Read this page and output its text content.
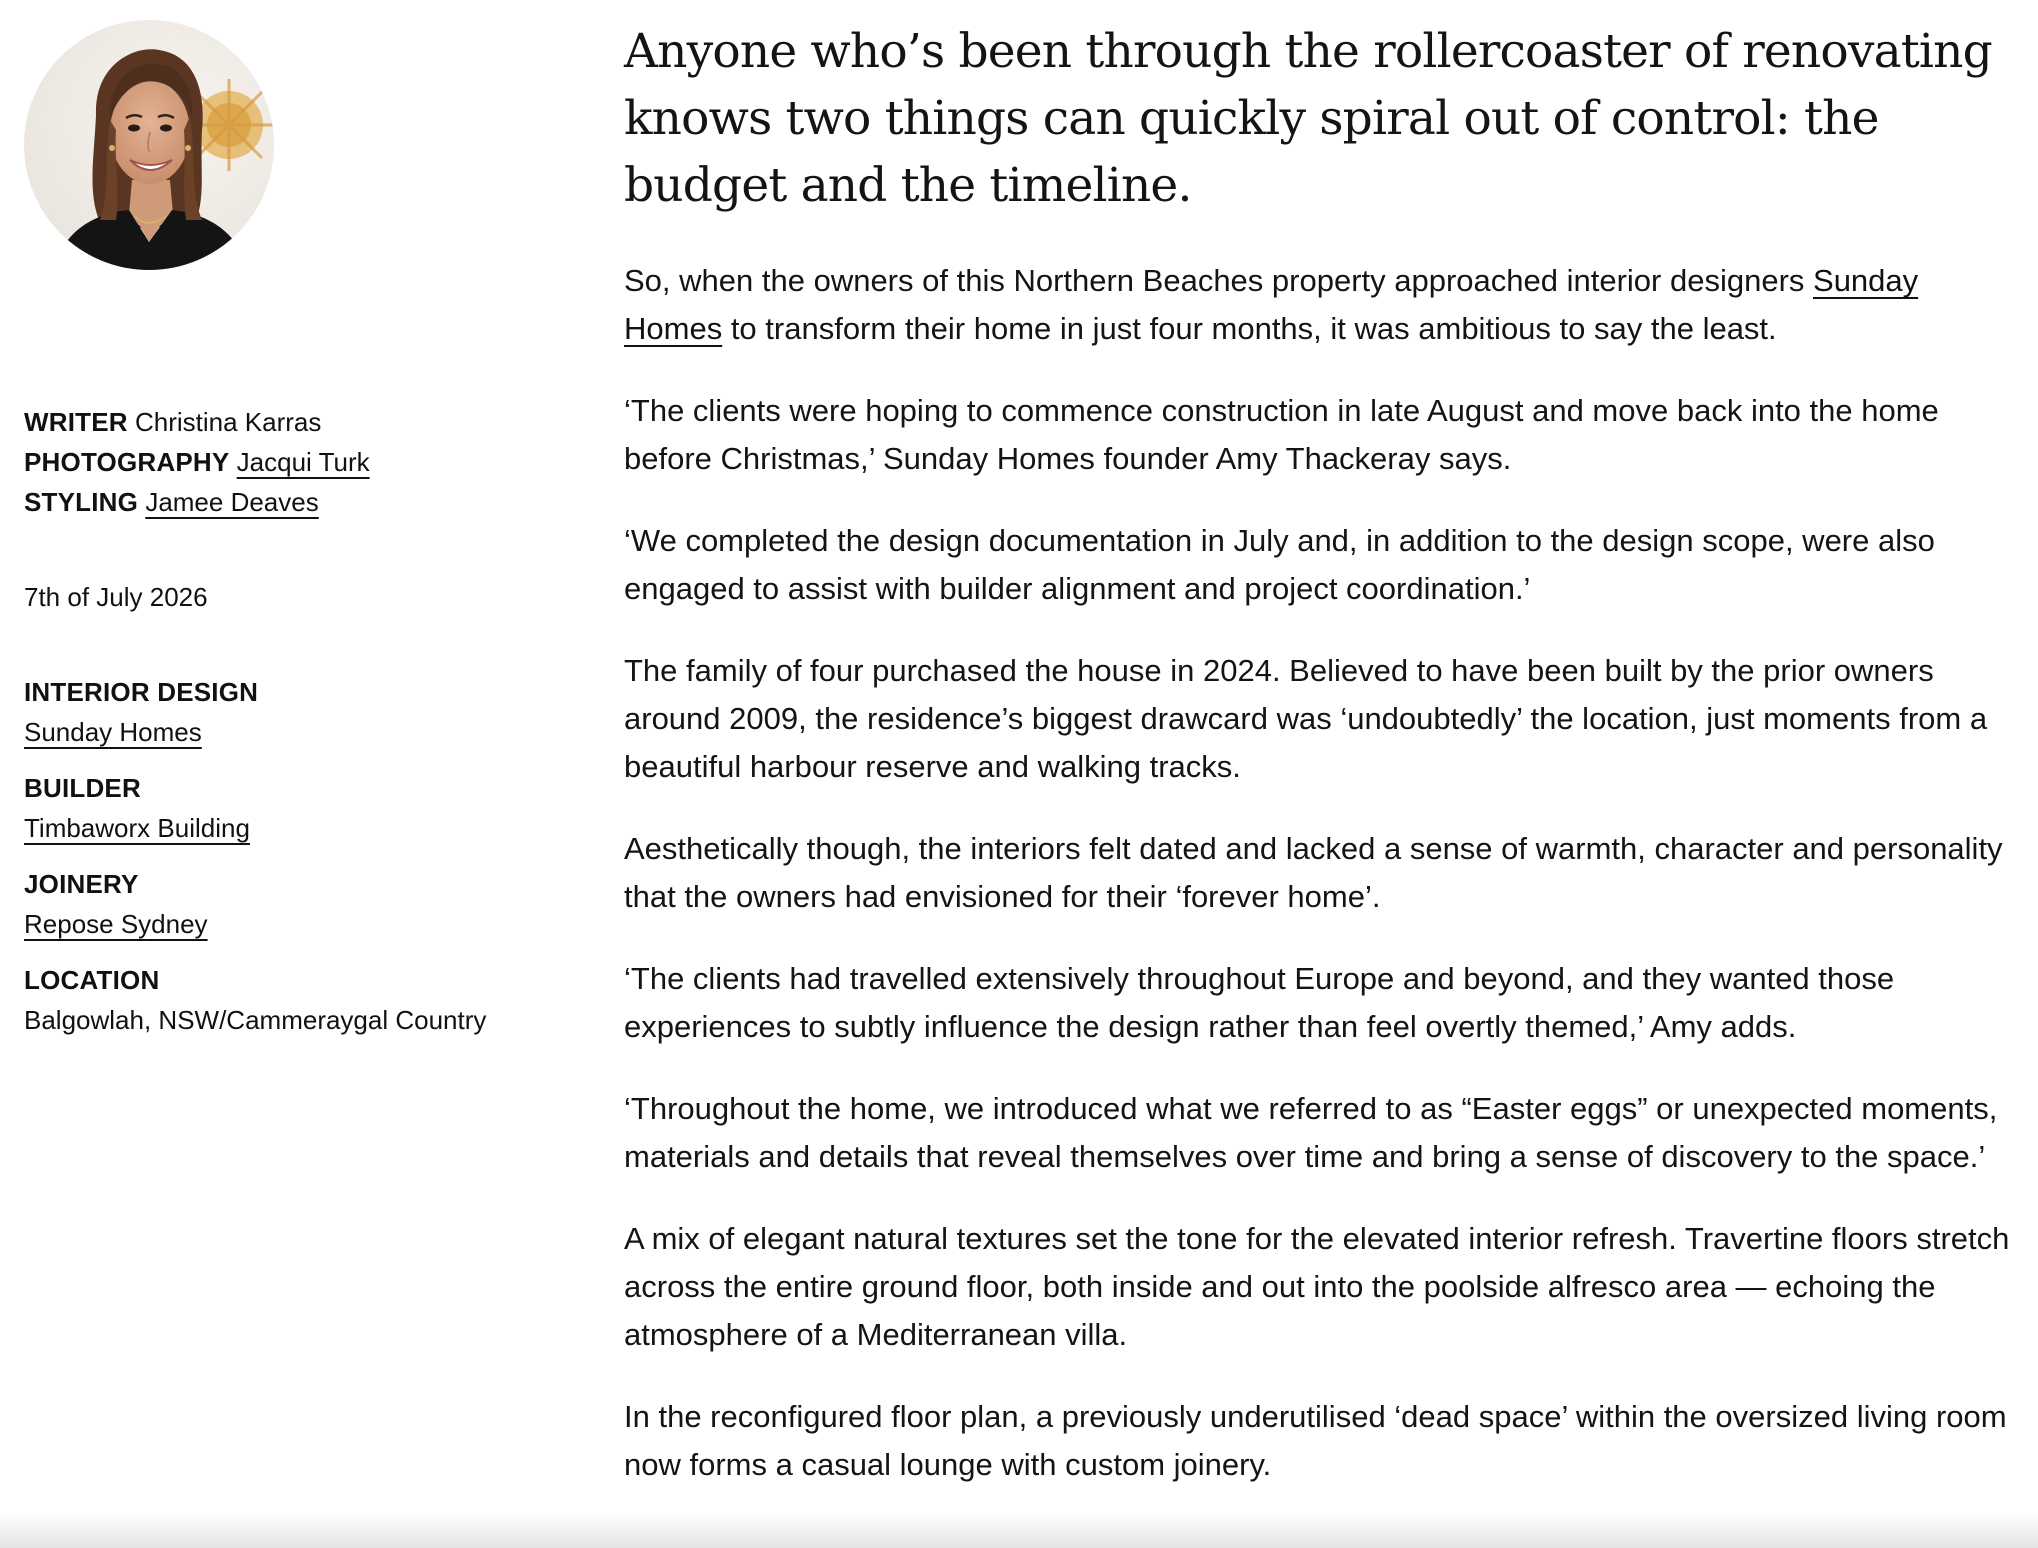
WRITER Christina Karras
PHOTOGRAPHY Jacqui Turk
STYLING Jamee Deaves
7th of July 2026
INTERIOR DESIGN
Sunday Homes
BUILDER
Timbaworx Building
JOINERY
Repose Sydney
LOCATION
Balgowlah, NSW/Cammeraygal Country
Anyone who’s been through the rollercoaster of renovating knows two things can quickly spiral out of control: the budget and the timeline.

So, when the owners of this Northern Beaches property approached interior designers Sunday Homes to transform their home in just four months, it was ambitious to say the least.

‘The clients were hoping to commence construction in late August and move back into the home before Christmas,’ Sunday Homes founder Amy Thackeray says.

‘We completed the design documentation in July and, in addition to the design scope, were also engaged to assist with builder alignment and project coordination.’

The family of four purchased the house in 2024. Believed to have been built by the prior owners around 2009, the residence’s biggest drawcard was ‘undoubtedly’ the location, just moments from a beautiful harbour reserve and walking tracks.

Aesthetically though, the interiors felt dated and lacked a sense of warmth, character and personality that the owners had envisioned for their ‘forever home’.

‘The clients had travelled extensively throughout Europe and beyond, and they wanted those experiences to subtly influence the design rather than feel overtly themed,’ Amy adds.

‘Throughout the home, we introduced what we referred to as “Easter eggs” or unexpected moments, materials and details that reveal themselves over time and bring a sense of discovery to the space.’

A mix of elegant natural textures set the tone for the elevated interior refresh. Travertine floors stretch across the entire ground floor, both inside and out into the poolside alfresco area — echoing the atmosphere of a Mediterranean villa.

In the reconfigured floor plan, a previously underutilised ‘dead space’ within the oversized living room now forms a casual lounge with custom joinery.
